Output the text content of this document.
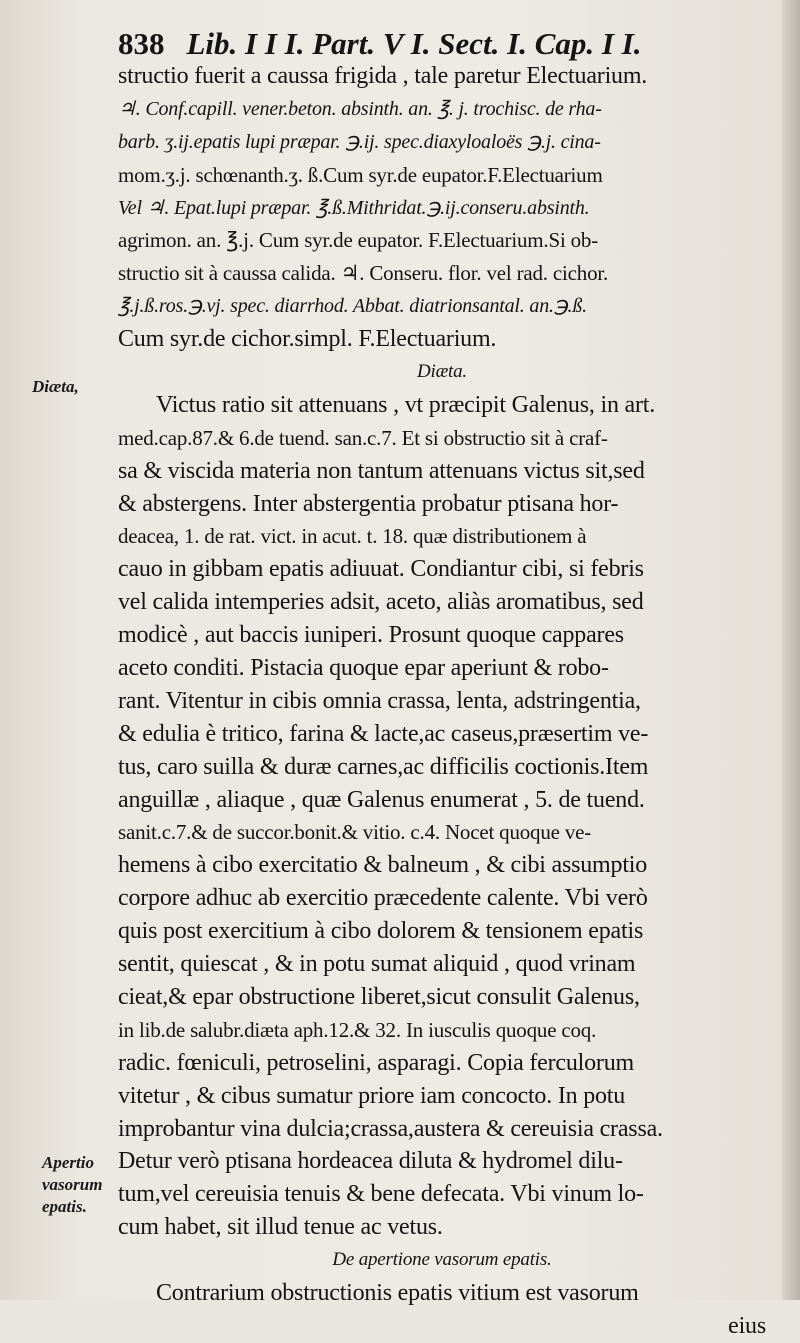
838 Lib. I I I. Part. V I. Sect. I. Cap. I I.
Diæta,
Apertio
vasorum
epatis.
structio fuerit a caussa frigida , tale paretur Electuarium.
♃. Conf.capill. vener.beton. absinth. an. ℥. j. trochisc. de rha-
barb. ʒ.ij.epatis lupi præpar. ℈.ij. spec.diaxyloaloës ℈.j. cina-
mom.ʒ.j. schœnanth.ʒ. ß.Cum syr.de eupator.F.Electuarium
Vel ♃. Epat.lupi præpar. ℥.ß.Mithridat.℈.ij.conseru.absinth.
agrimon. an. ℥.j. Cum syr.de eupator. F.Electuarium.Si ob-
structio sit à caussa calida. ♃. Conseru. flor. vel rad. cichor.
℥.j.ß.ros.℈.vj. spec. diarrhod. Abbat. diatrionsantal. an.℈.ß.
Cum syr.de cichor.simpl. F.Electuarium.
Diæta.
Victus ratio sit attenuans , vt præcipit Galenus, in art.
med.cap.87.& 6.de tuend. san.c.7. Et si obstructio sit à craf-
sa & viscida materia non tantum attenuans victus sit,sed
& abstergens. Inter abstergentia probatur ptisana hor-
deacea, 1. de rat. vict. in acut. t. 18. quæ distributionem à
cauo in gibbam epatis adiuuat. Condiantur cibi, si febris
vel calida intemperies adsit, aceto, aliàs aromatibus, sed
modicè , aut baccis iuniperi. Prosunt quoque cappares
aceto conditi. Pistacia quoque epar aperiunt & robo-
rant. Vitentur in cibis omnia crassa, lenta, adstringentia,
& edulia è tritico, farina & lacte,ac caseus,præsertim ve-
tus, caro suilla & duræ carnes,ac difficilis coctionis.Item
anguillæ , aliaque , quæ Galenus enumerat , 5. de tuend.
sanit.c.7.& de succor.bonit.& vitio. c.4. Nocet quoque ve-
hemens à cibo exercitatio & balneum , & cibi assumptio
corpore adhuc ab exercitio præcedente calente. Vbi verò
quis post exercitium à cibo dolorem & tensionem epatis
sentit, quiescat , & in potu sumat aliquid , quod vrinam
cieat,& epar obstructione liberet,sicut consulit Galenus,
in lib.de salubr.diæta aph.12.& 32. In iusculis quoque coq.
radic. fœniculi, petroselini, asparagi. Copia ferculorum
vitetur , & cibus sumatur priore iam concocto. In potu
improbantur vina dulcia;crassa,austera & cereuisia crassa.
Detur verò ptisana hordeacea diluta & hydromel dilu-
tum,vel cereuisia tenuis & bene defecata. Vbi vinum lo-
cum habet, sit illud tenue ac vetus.
De apertione vasorum epatis.
Contrarium obstructionis epatis vitium est vasorum
eius
